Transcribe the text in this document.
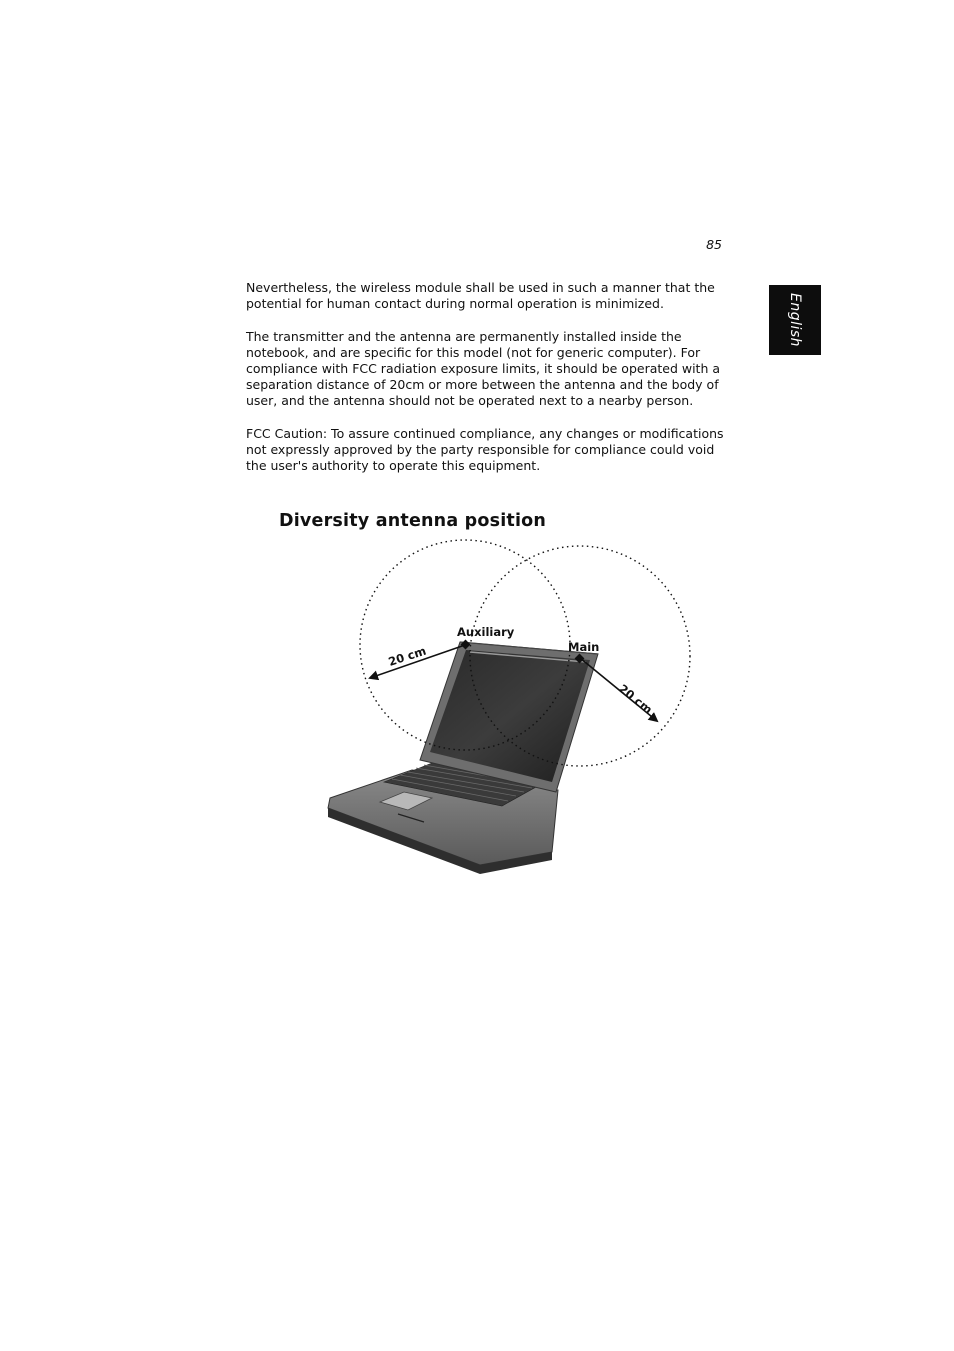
85
English

Nevertheless, the wireless module shall be used in such a manner that the potential for human contact during normal operation is minimized.

The transmitter and the antenna are permanently installed inside the notebook, and are specific for this model (not for generic computer). For compliance with FCC radiation exposure limits, it should be operated with a separation distance of 20cm or more between the antenna and the body of user, and the antenna should not be operated next to a nearby person.

FCC Caution: To assure continued compliance, any changes or modifications not expressly approved by the party responsible for compliance could void the user's authority to operate this equipment.

Diversity antenna position
Auxiliary
Main
20 cm
20 cm
